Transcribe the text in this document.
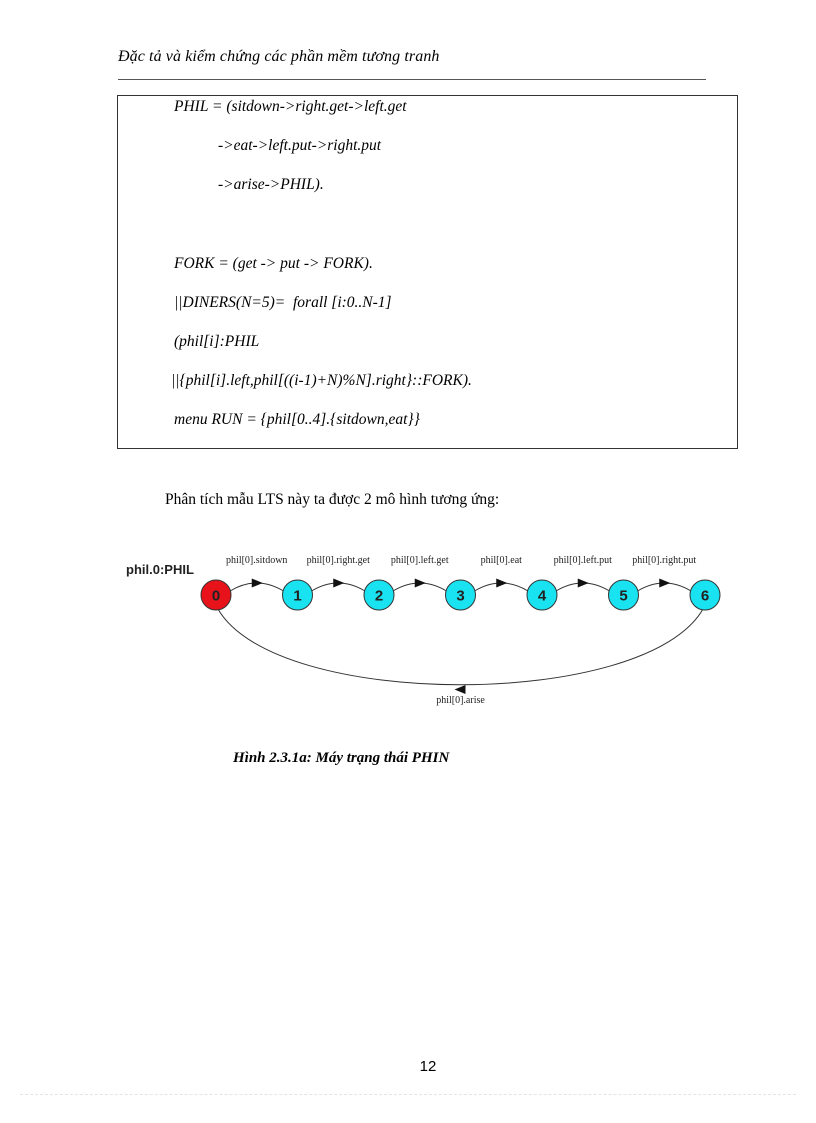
Đặc tả và kiểm chứng các phần mềm tương tranh
PHIL = (sitdown->right.get->left.get
->eat->left.put->right.put
->arise->PHIL).
FORK = (get -> put -> FORK).
||DINERS(N=5)=  forall [i:0..N-1]
(phil[i]:PHIL
||{phil[i].left,phil[((i-1)+N)%N].right}::FORK).
menu RUN = {phil[0..4].{sitdown,eat}}
Phân tích mẫu LTS này ta được 2 mô hình tương ứng:
phil.0:PHIL
phil[0].sitdown phil[0].right.get phil[0].left.get	phil[0].eat	phil[0].left.put phil[0].right.put
phil[0].arise
0	1	2	3	4	5	6
Hình 2.3.1a: Máy trạng thái PHIN
12
